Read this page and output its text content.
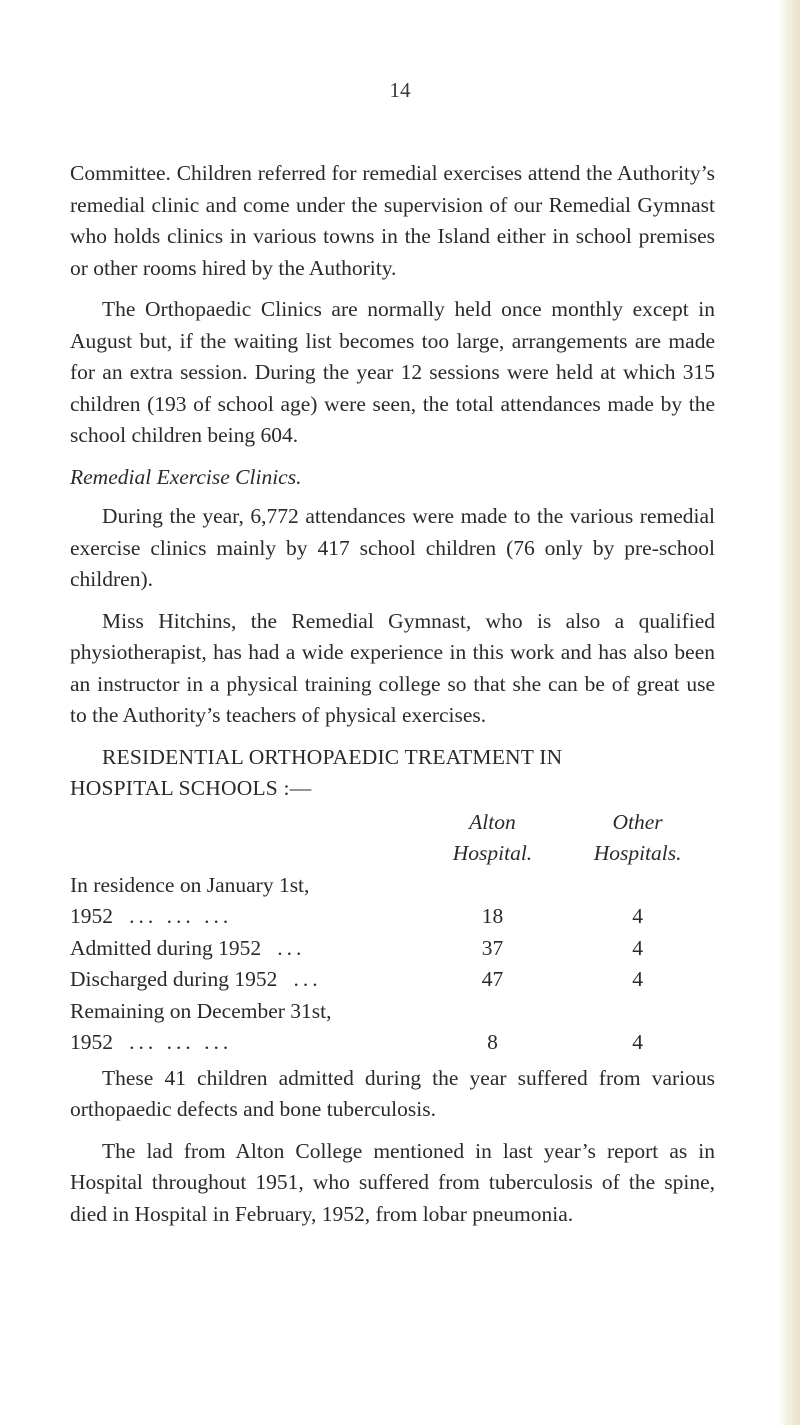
14

Committee. Children referred for remedial exercises attend the Authority’s remedial clinic and come under the supervision of our Remedial Gymnast who holds clinics in various towns in the Island either in school premises or other rooms hired by the Authority.

The Orthopaedic Clinics are normally held once monthly except in August but, if the waiting list becomes too large, arrangements are made for an extra session. During the year 12 sessions were held at which 315 children (193 of school age) were seen, the total attendances made by the school children being 604.

Remedial Exercise Clinics.

During the year, 6,772 attendances were made to the various remedial exercise clinics mainly by 417 school children (76 only by pre-school children).

Miss Hitchins, the Remedial Gymnast, who is also a qualified physiotherapist, has had a wide experience in this work and has also been an instructor in a physical training college so that she can be of great use to the Authority’s teachers of physical exercises.

RESIDENTIAL ORTHOPAEDIC TREATMENT IN
HOSPITAL SCHOOLS :—
	Alton	Other
	Hospital.	Hospitals.
In residence on January 1st,		
1952 ... ... ...	18	4
Admitted during 1952 ...	37	4
Discharged during 1952 ...	47	4
Remaining on December 31st,		
1952 ... ... ...	8	4

These 41 children admitted during the year suffered from various orthopaedic defects and bone tuberculosis.

The lad from Alton College mentioned in last year’s report as in Hospital throughout 1951, who suffered from tuberculosis of the spine, died in Hospital in February, 1952, from lobar pneumonia.
